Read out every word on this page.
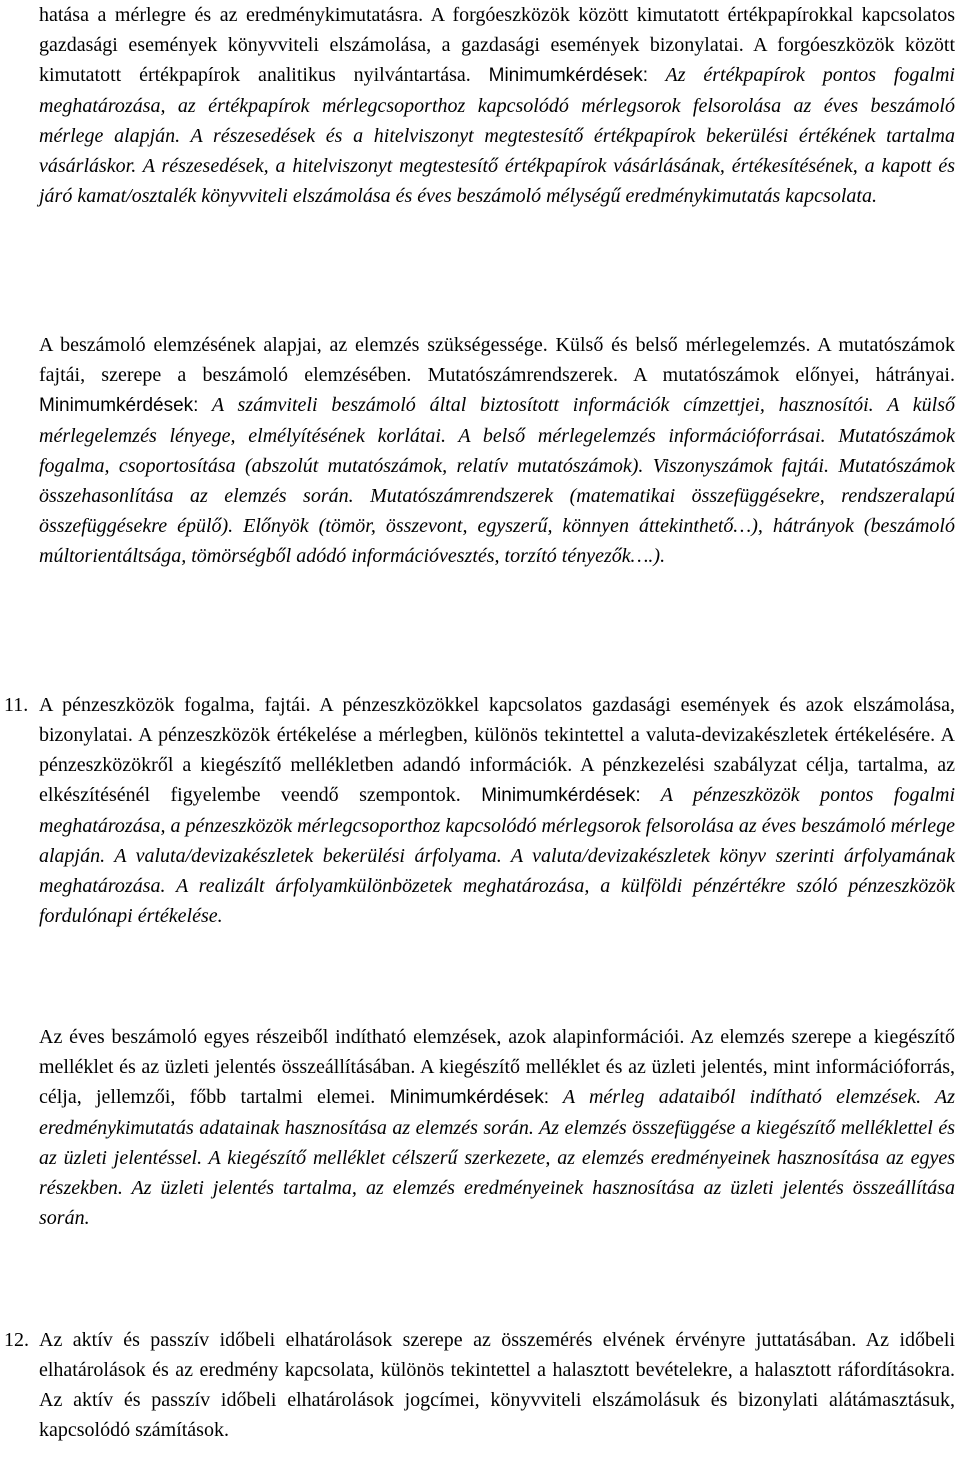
hatása a mérlegre és az eredménykimutatásra. A forgóeszközök között kimutatott értékpapírokkal kapcsolatos gazdasági események könyvviteli elszámolása, a gazdasági események bizonylatai. A forgóeszközök között kimutatott értékpapírok analitikus nyilvántartása. Minimumkérdések: Az értékpapírok pontos fogalmi meghatározása, az értékpapírok mérlegcsoporthoz kapcsolódó mérlegsorok felsorolása az éves beszámoló mérlege alapján. A részesedések és a hitelviszonyt megtestesítő értékpapírok bekerülési értékének tartalma vásárláskor. A részesedések, a hitelviszonyt megtestesítő értékpapírok vásárlásának, értékesítésének, a kapott és járó kamat/osztalék könyvviteli elszámolása és éves beszámoló mélységű eredménykimutatás kapcsolata.

A beszámoló elemzésének alapjai, az elemzés szükségessége. Külső és belső mérlegelemzés. A mutatószámok fajtái, szerepe a beszámoló elemzésében. Mutatószámrendszerek. A mutatószámok előnyei, hátrányai. Minimumkérdések: A számviteli beszámoló által biztosított információk címzettjei, hasznosítói. A külső mérlegelemzés lényege, elmélyítésének korlátai. A belső mérlegelemzés információforrásai. Mutatószámok fogalma, csoportosítása (abszolút mutatószámok, relatív mutatószámok). Viszonyszámok fajtái. Mutatószámok összehasonlítása az elemzés során. Mutatószámrendszerek (matematikai összefüggésekre, rendszeralapú összefüggésekre épülő). Előnyök (tömör, összevont, egyszerű, könnyen áttekinthető…), hátrányok (beszámoló múltorientáltsága, tömörségből adódó információvesztés, torzító tényezők….).

11. A pénzeszközök fogalma, fajtái. A pénzeszközökkel kapcsolatos gazdasági események és azok elszámolása, bizonylatai. A pénzeszközök értékelése a mérlegben, különös tekintettel a valuta-devizakészletek értékelésére. A pénzeszközökről a kiegészítő mellékletben adandó információk. A pénzkezelési szabályzat célja, tartalma, az elkészítésénél figyelembe veendő szempontok. Minimumkérdések: A pénzeszközök pontos fogalmi meghatározása, a pénzeszközök mérlegcsoporthoz kapcsolódó mérlegsorok felsorolása az éves beszámoló mérlege alapján. A valuta/devizakészletek bekerülési árfolyama. A valuta/devizakészletek könyv szerinti árfolyamának meghatározása. A realizált árfolyamkülönbözetek meghatározása, a külföldi pénzértékre szóló pénzeszközök fordulónapi értékelése.

Az éves beszámoló egyes részeiből indítható elemzések, azok alapinformációi. Az elemzés szerepe a kiegészítő melléklet és az üzleti jelentés összeállításában. A kiegészítő melléklet és az üzleti jelentés, mint információforrás, célja, jellemzői, főbb tartalmi elemei. Minimumkérdések: A mérleg adataiból indítható elemzések. Az eredménykimutatás adatainak hasznosítása az elemzés során. Az elemzés összefüggése a kiegészítő melléklettel és az üzleti jelentéssel. A kiegészítő melléklet célszerű szerkezete, az elemzés eredményeinek hasznosítása az egyes részekben. Az üzleti jelentés tartalma, az elemzés eredményeinek hasznosítása az üzleti jelentés összeállítása során.

12. Az aktív és passzív időbeli elhatárolások szerepe az összemérés elvének érvényre juttatásában. Az időbeli elhatárolások és az eredmény kapcsolata, különös tekintettel a halasztott bevételekre, a halasztott ráfordításokra. Az aktív és passzív időbeli elhatárolások jogcímei, könyvviteli elszámolásuk és bizonylati alátámasztásuk, kapcsolódó számítások.
